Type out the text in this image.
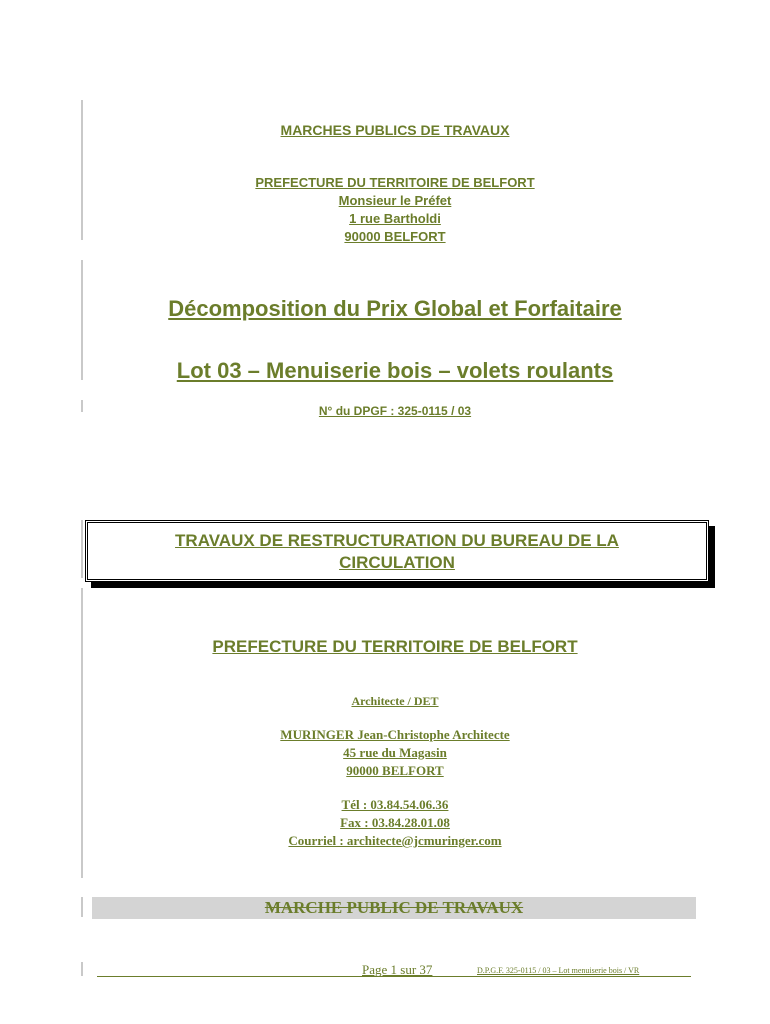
MARCHES PUBLICS DE TRAVAUX
PREFECTURE DU TERRITOIRE DE BELFORT
Monsieur le Préfet
1 rue Bartholdi
90000 BELFORT
Décomposition du Prix Global et Forfaitaire
Lot 03 – Menuiserie bois – volets roulants
N° du DPGF : 325-0115 / 03
TRAVAUX DE RESTRUCTURATION DU BUREAU DE LA
CIRCULATION
PREFECTURE DU TERRITOIRE DE BELFORT
Architecte / DET
MURINGER Jean-Christophe Architecte
45 rue du Magasin
90000 BELFORT
Tél : 03.84.54.06.36
Fax : 03.84.28.01.08
Courriel : architecte@jcmuringer.com
MARCHE PUBLIC DE TRAVAUX
Page 1 sur 37	D.P.G.F. 325-0115 / 03 – Lot menuiserie bois / VR
